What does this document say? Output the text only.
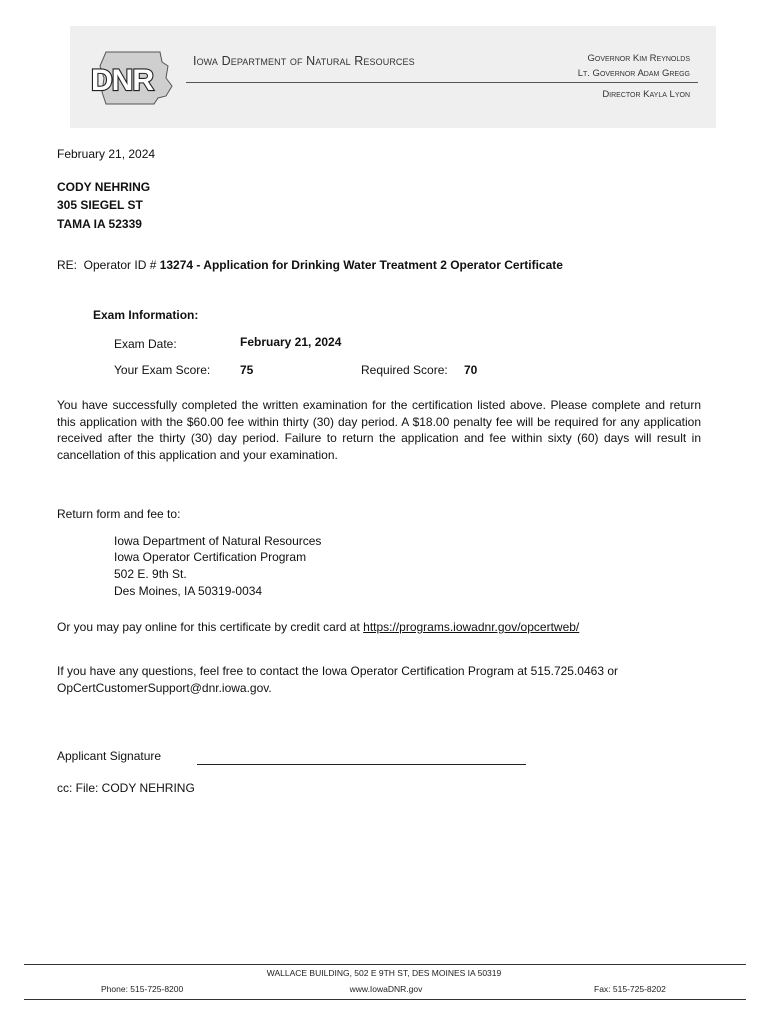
DNR
Iowa Department of Natural Resources	Governor Kim Reynolds
Lt. Governor Adam Gregg
Director Kayla Lyon
February 21, 2024
CODY NEHRING
305 SIEGEL ST
TAMA IA 52339
RE:  Operator ID # 13274 - Application for Drinking Water Treatment 2 Operator Certificate
Exam Information:
Exam Date:	February 21, 2024
Your Exam Score: 75	Required Score: 70
You have successfully completed the written examination for the certification listed above. Please complete and return this application with the $60.00 fee within thirty (30) day period. A $18.00 penalty fee will be required for any application received after the thirty (30) day period. Failure to return the application and fee within sixty (60) days will result in cancellation of this application and your examination.
Return form and fee to:
Iowa Department of Natural Resources
Iowa Operator Certification Program
502 E. 9th St.
Des Moines, IA 50319-0034
Or you may pay online for this certificate by credit card at https://programs.iowadnr.gov/opcertweb/
If you have any questions, feel free to contact the Iowa Operator Certification Program at 515.725.0463 or
OpCertCustomerSupport@dnr.iowa.gov.
Applicant Signature
cc: File: CODY NEHRING
WALLACE BUILDING, 502 E 9TH ST, DES MOINES IA 50319
Phone: 515-725-8200	www.IowaDNR.gov	Fax: 515-725-8202
